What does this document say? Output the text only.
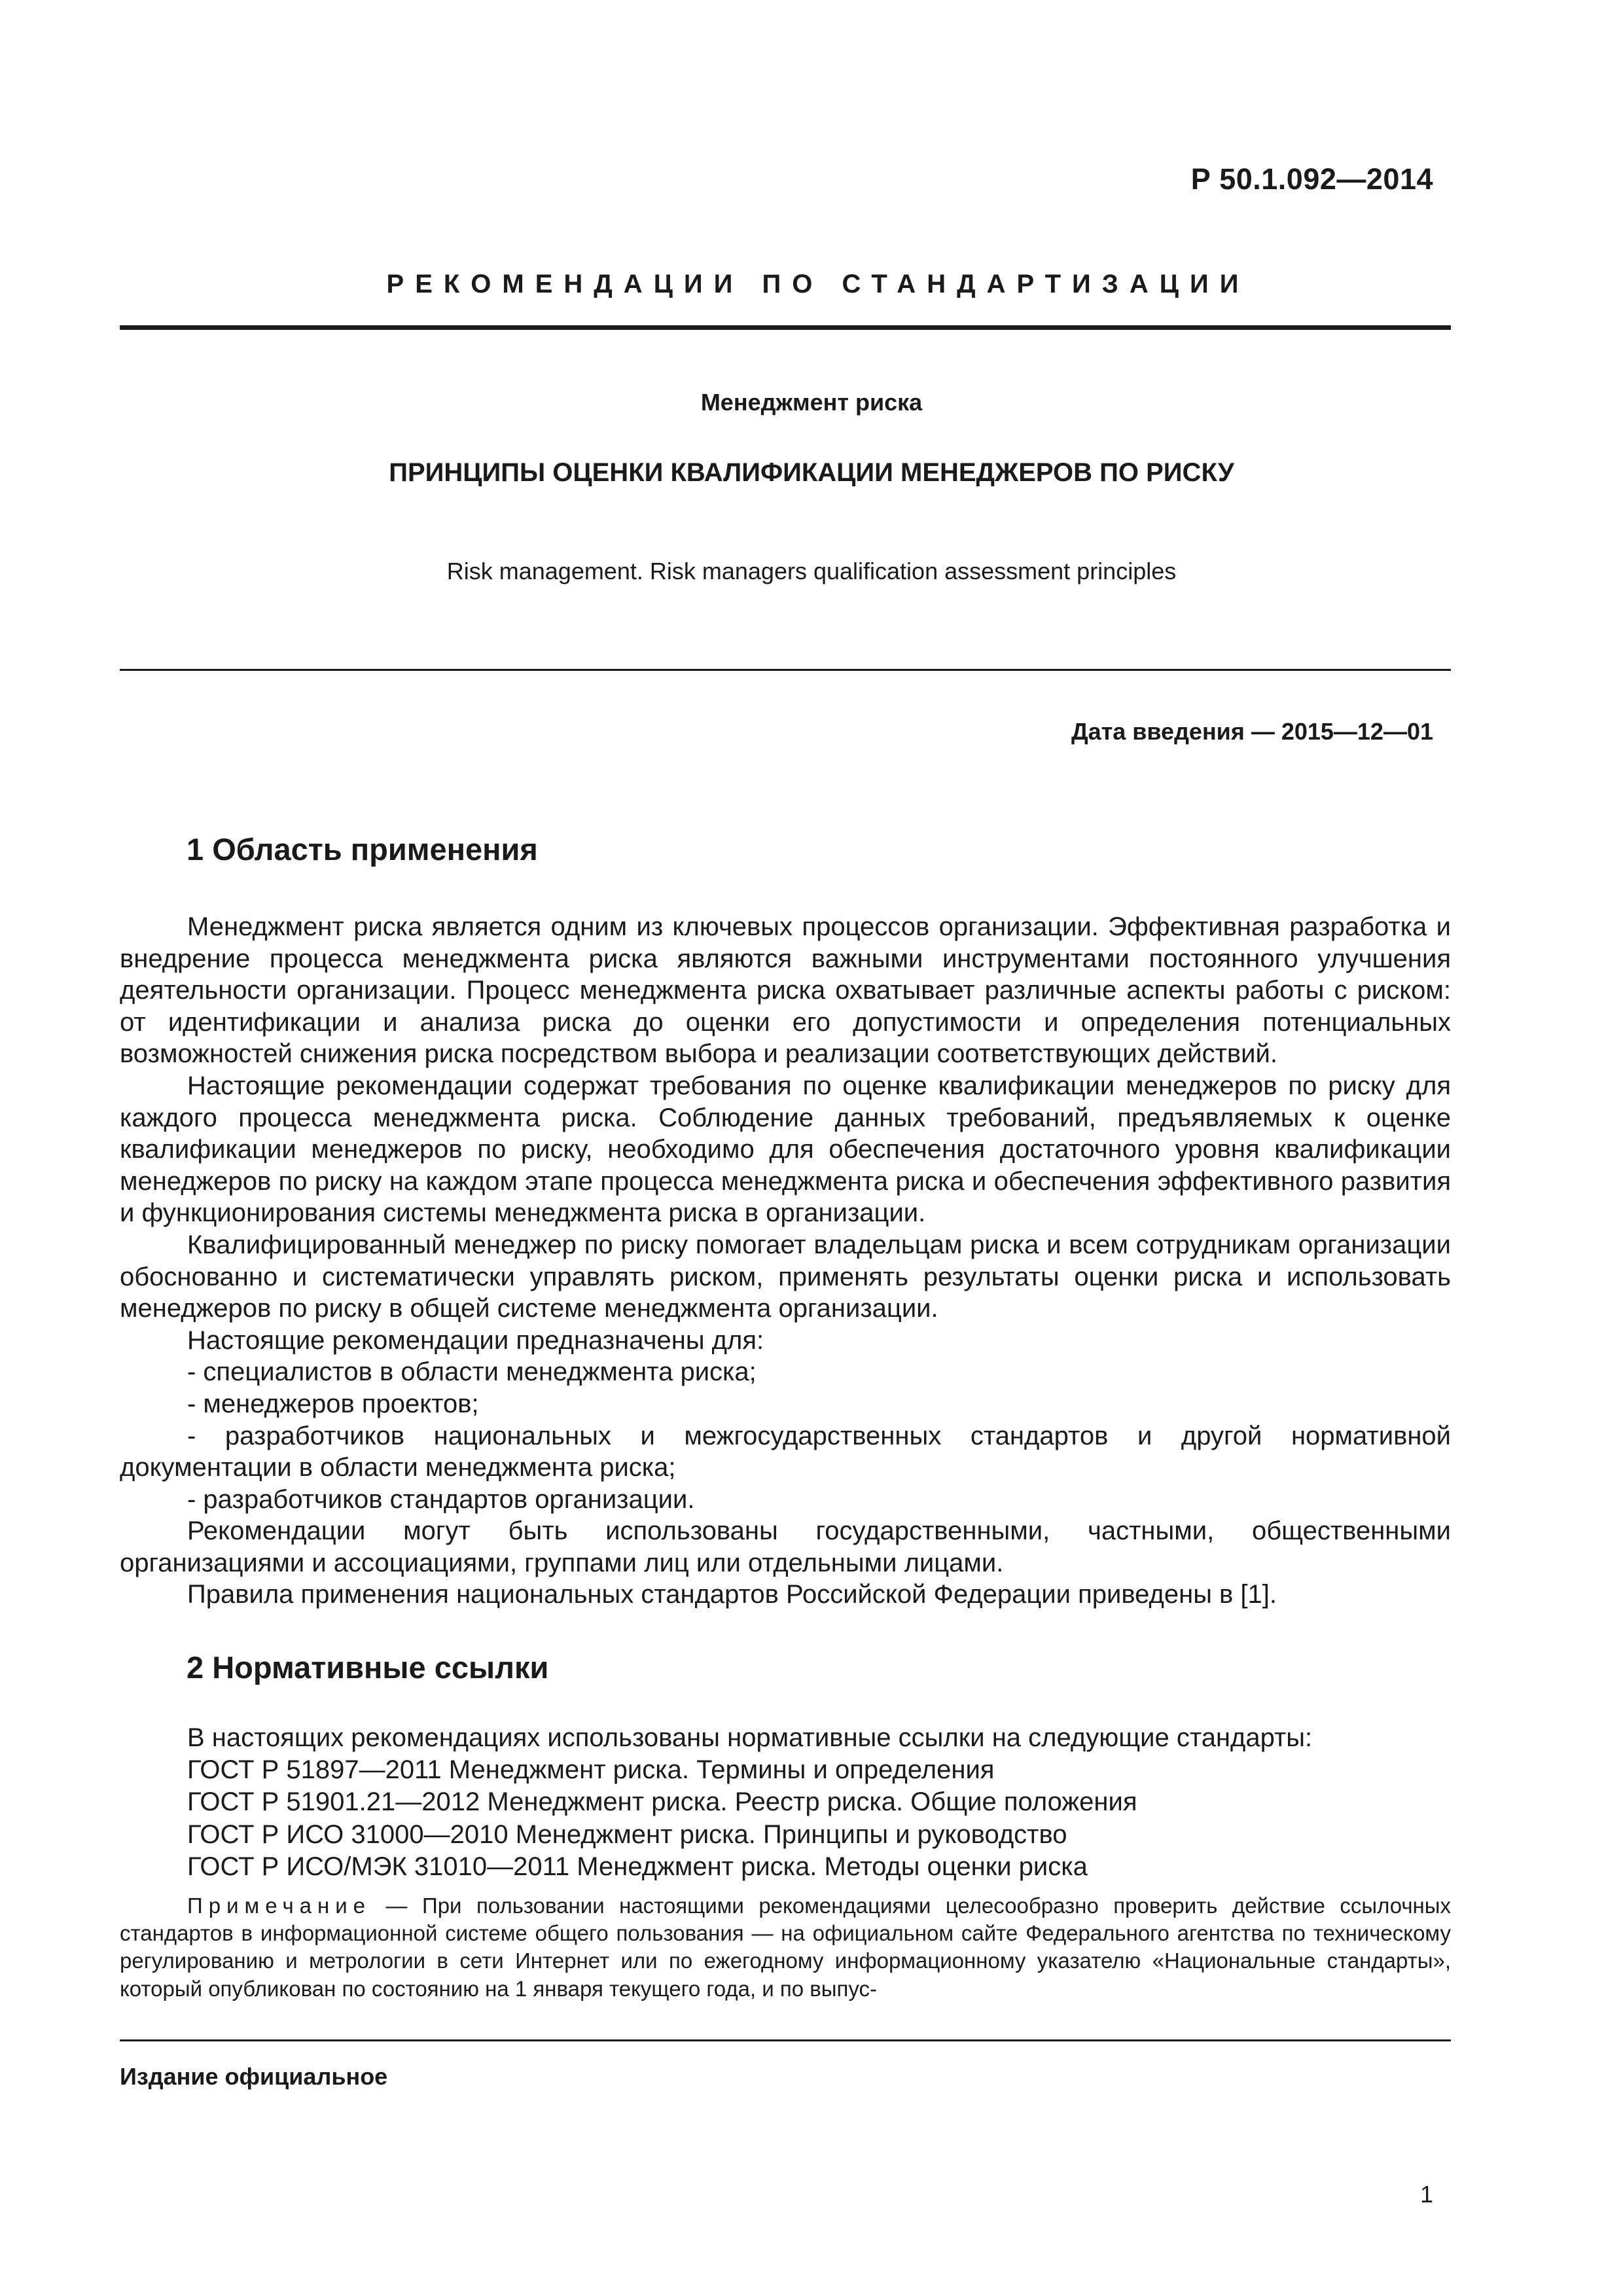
Р 50.1.092—2014
РЕКОМЕНДАЦИИ ПО СТАНДАРТИЗАЦИИ
Менеджмент риска
ПРИНЦИПЫ ОЦЕНКИ КВАЛИФИКАЦИИ МЕНЕДЖЕРОВ ПО РИСКУ
Risk management. Risk managers qualification assessment principles
Дата введения — 2015—12—01
1 Область применения

Менеджмент риска является одним из ключевых процессов организации. Эффективная разработка и внедрение процесса менеджмента риска являются важными инструментами постоянного улучшения деятельности организации. Процесс менеджмента риска охватывает различные аспекты работы с риском: от идентификации и анализа риска до оценки его допустимости и определения потенциальных возможностей снижения риска посредством выбора и реализации соответствующих действий.

Настоящие рекомендации содержат требования по оценке квалификации менеджеров по риску для каждого процесса менеджмента риска. Соблюдение данных требований, предъявляемых к оценке квалификации менеджеров по риску, необходимо для обеспечения достаточного уровня квалификации менеджеров по риску на каждом этапе процесса менеджмента риска и обеспечения эффективного развития и функционирования системы менеджмента риска в организации.

Квалифицированный менеджер по риску помогает владельцам риска и всем сотрудникам организации обоснованно и систематически управлять риском, применять результаты оценки риска и использовать менеджеров по риску в общей системе менеджмента организации.

Настоящие рекомендации предназначены для:

- специалистов в области менеджмента риска;

- менеджеров проектов;

- разработчиков национальных и межгосударственных стандартов и другой нормативной документации в области менеджмента риска;

- разработчиков стандартов организации.

Рекомендации могут быть использованы государственными, частными, общественными организациями и ассоциациями, группами лиц или отдельными лицами.

Правила применения национальных стандартов Российской Федерации приведены в [1].

2 Нормативные ссылки

В настоящих рекомендациях использованы нормативные ссылки на следующие стандарты:

ГОСТ Р 51897—2011 Менеджмент риска. Термины и определения

ГОСТ Р 51901.21—2012 Менеджмент риска. Реестр риска. Общие положения

ГОСТ Р ИСО 31000—2010 Менеджмент риска. Принципы и руководство

ГОСТ Р ИСО/МЭК 31010—2011 Менеджмент риска. Методы оценки риска

Примечание — При пользовании настоящими рекомендациями целесообразно проверить действие ссылочных стандартов в информационной системе общего пользования — на официальном сайте Федерального агентства по техническому регулированию и метрологии в сети Интернет или по ежегодному информационному указателю «Национальные стандарты», который опубликован по состоянию на 1 января текущего года, и по выпус-

Издание официальное
1
